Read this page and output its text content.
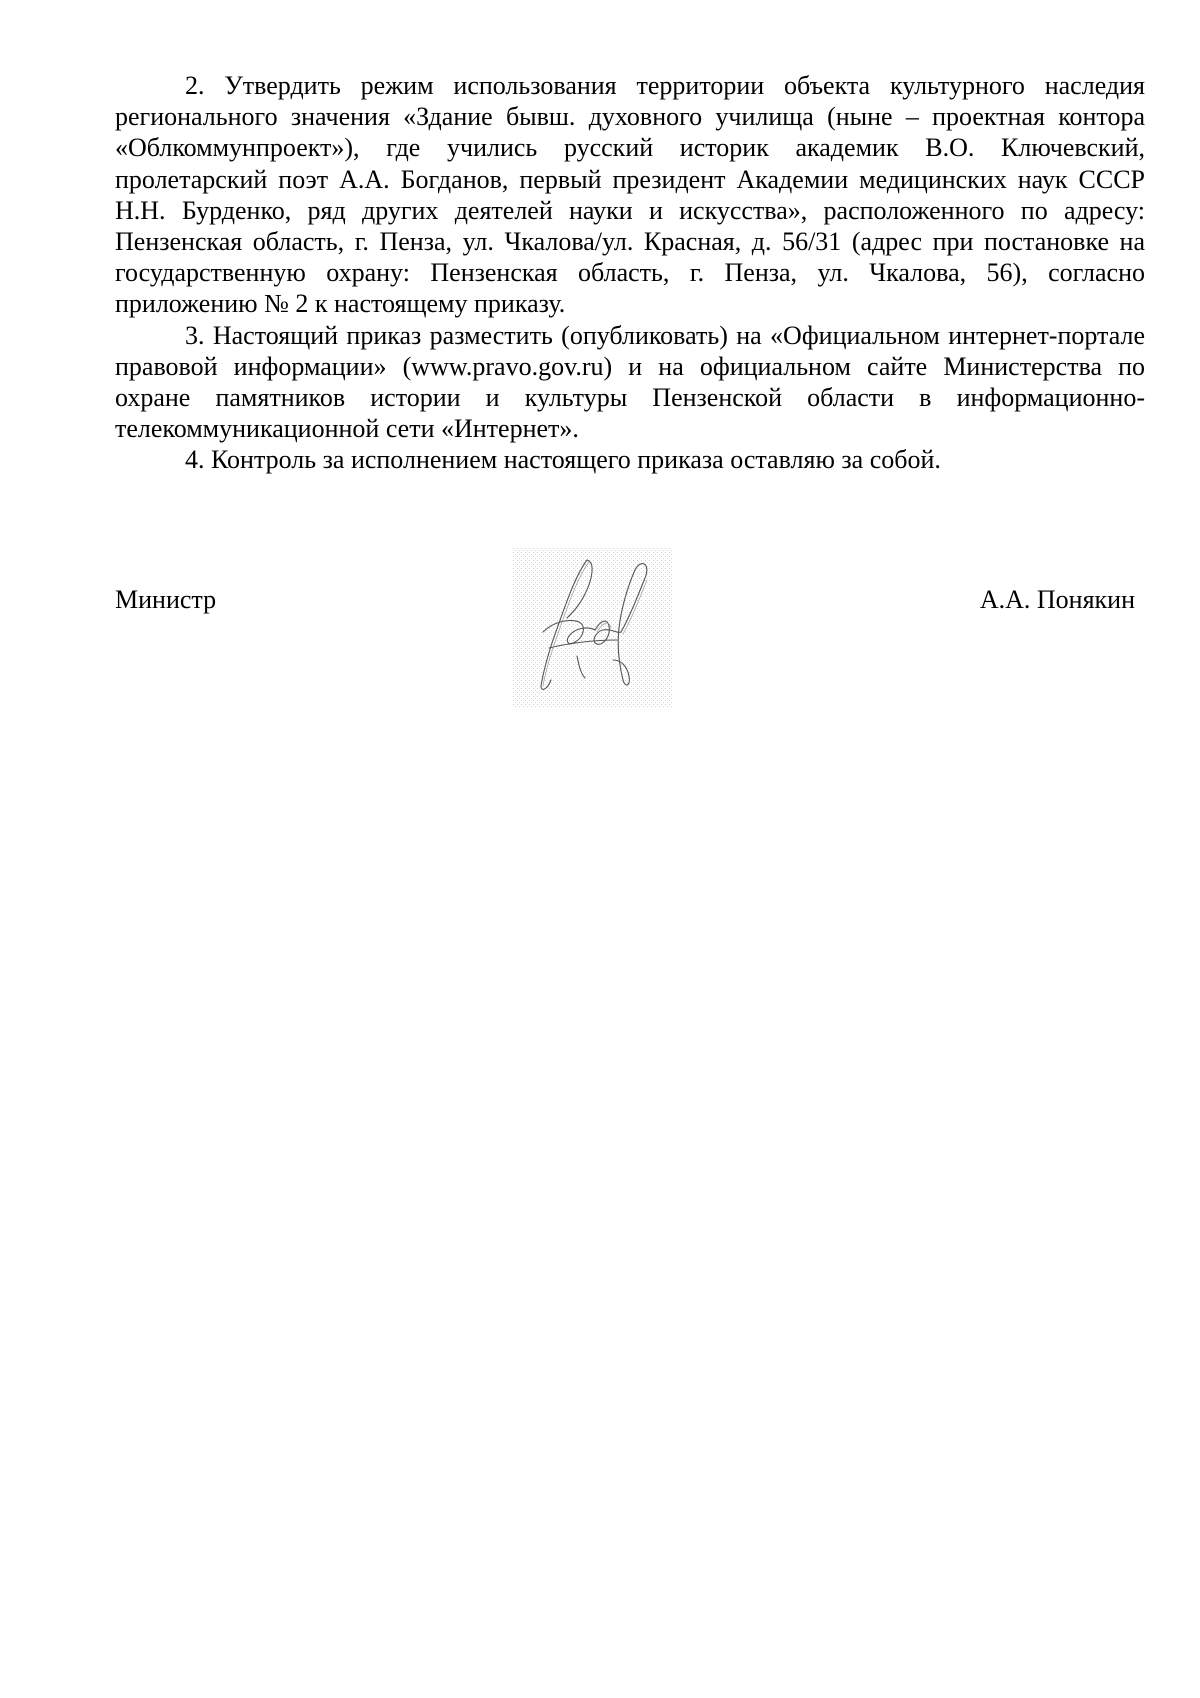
2. Утвердить режим использования территории объекта культурного наследия регионального значения «Здание бывш. духовного училища (ныне – проектная контора «Облкоммунпроект»), где учились русский историк академик В.О. Ключевский, пролетарский поэт А.А. Богданов, первый президент Академии медицинских наук СССР Н.Н. Бурденко, ряд других деятелей науки и искусства», расположенного по адресу: Пензенская область, г. Пенза, ул. Чкалова/ул. Красная, д. 56/31 (адрес при постановке на государственную охрану: Пензенская область, г. Пенза, ул. Чкалова, 56), согласно приложению № 2 к настоящему приказу.

3. Настоящий приказ разместить (опубликовать) на «Официальном интернет-портале правовой информации» (www.pravo.gov.ru) и на официальном сайте Министерства по охране памятников истории и культуры Пензенской области в информационно-телекоммуникационной сети «Интернет».

4. Контроль за исполнением настоящего приказа оставляю за собой.

Министр	А.А. Понякин
